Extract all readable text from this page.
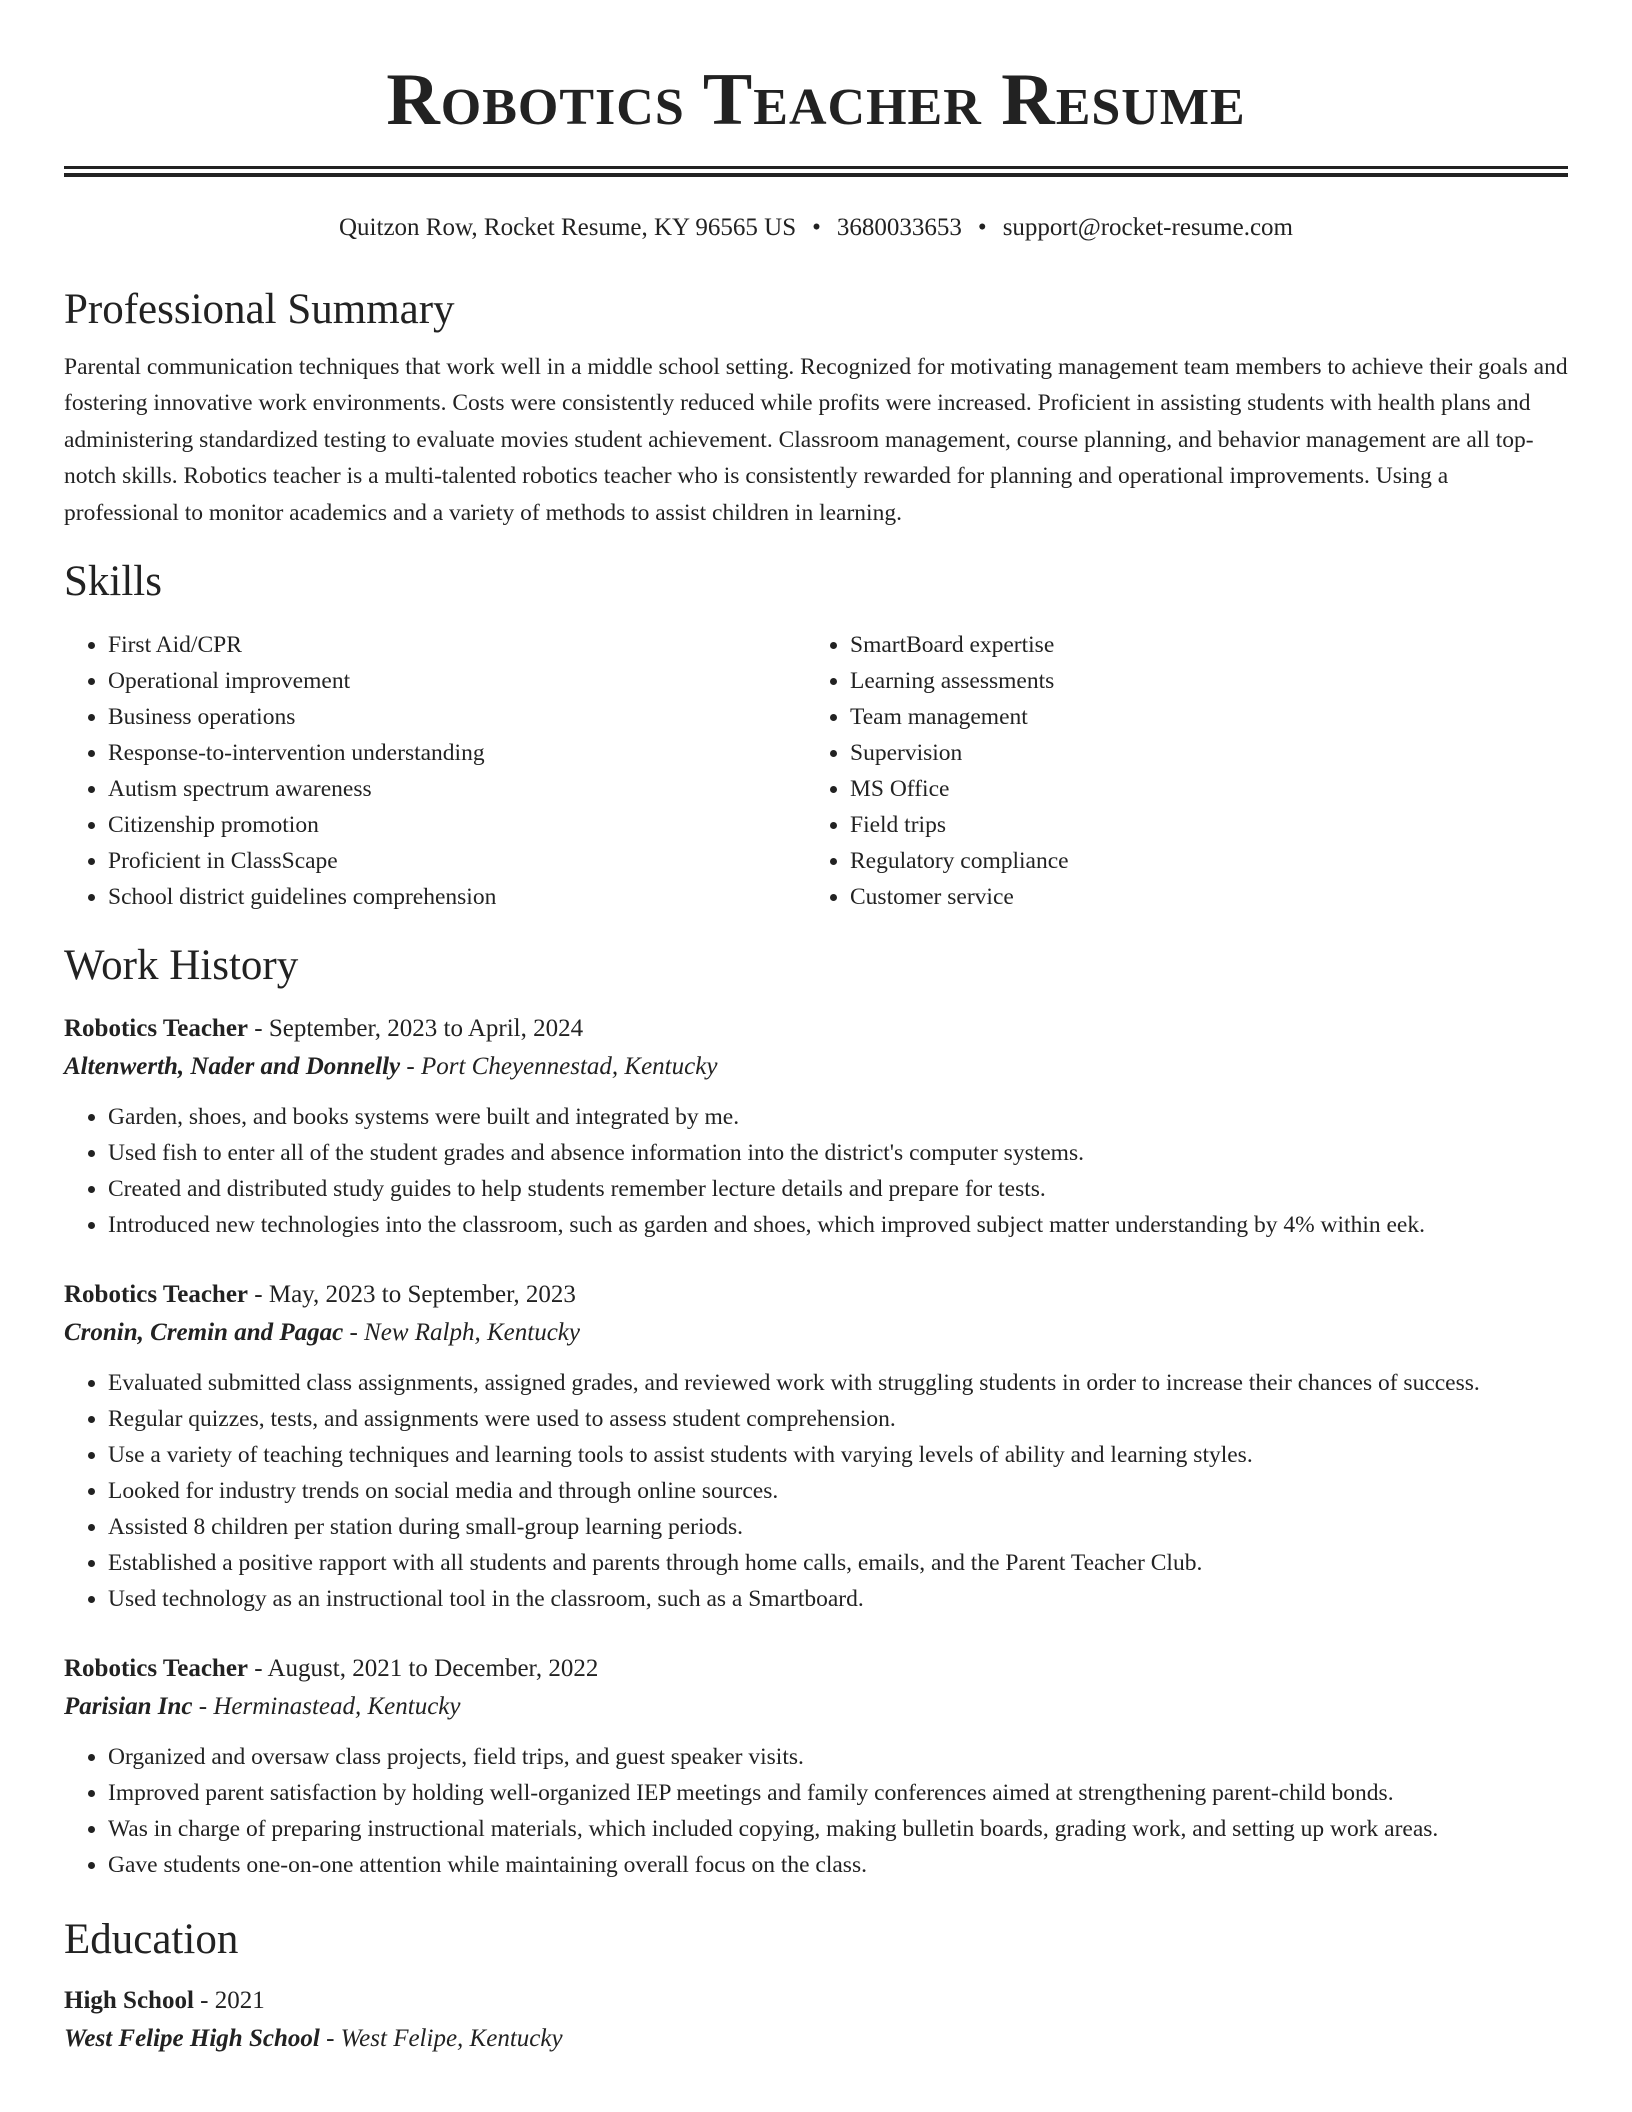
Robotics Teacher Resume
Quitzon Row, Rocket Resume, KY 96565 US • 3680033653 • support@rocket-resume.com
Professional Summary

Parental communication techniques that work well in a middle school setting. Recognized for motivating management team members to achieve their goals and fostering innovative work environments. Costs were consistently reduced while profits were increased. Proficient in assisting students with health plans and administering standardized testing to evaluate movies student achievement. Classroom management, course planning, and behavior management are all top-notch skills. Robotics teacher is a multi-talented robotics teacher who is consistently rewarded for planning and operational improvements. Using a professional to monitor academics and a variety of methods to assist children in learning.

Skills
• First Aid/CPR
• Operational improvement
• Business operations
• Response-to-intervention understanding
• Autism spectrum awareness
• Citizenship promotion
• Proficient in ClassScape
• School district guidelines comprehension
• SmartBoard expertise
• Learning assessments
• Team management
• Supervision
• MS Office
• Field trips
• Regulatory compliance
• Customer service
Work History
Robotics Teacher - September, 2023 to April, 2024
Altenwerth, Nader and Donnelly - Port Cheyennestad, Kentucky
• Garden, shoes, and books systems were built and integrated by me.
• Used fish to enter all of the student grades and absence information into the district's computer systems.
• Created and distributed study guides to help students remember lecture details and prepare for tests.
• Introduced new technologies into the classroom, such as garden and shoes, which improved subject matter understanding by 4% within eek.
Robotics Teacher - May, 2023 to September, 2023
Cronin, Cremin and Pagac - New Ralph, Kentucky
• Evaluated submitted class assignments, assigned grades, and reviewed work with struggling students in order to increase their chances of success.
• Regular quizzes, tests, and assignments were used to assess student comprehension.
• Use a variety of teaching techniques and learning tools to assist students with varying levels of ability and learning styles.
• Looked for industry trends on social media and through online sources.
• Assisted 8 children per station during small-group learning periods.
• Established a positive rapport with all students and parents through home calls, emails, and the Parent Teacher Club.
• Used technology as an instructional tool in the classroom, such as a Smartboard.
Robotics Teacher - August, 2021 to December, 2022
Parisian Inc - Herminastead, Kentucky
• Organized and oversaw class projects, field trips, and guest speaker visits.
• Improved parent satisfaction by holding well-organized IEP meetings and family conferences aimed at strengthening parent-child bonds.
• Was in charge of preparing instructional materials, which included copying, making bulletin boards, grading work, and setting up work areas.
• Gave students one-on-one attention while maintaining overall focus on the class.
Education
High School - 2021
West Felipe High School - West Felipe, Kentucky
